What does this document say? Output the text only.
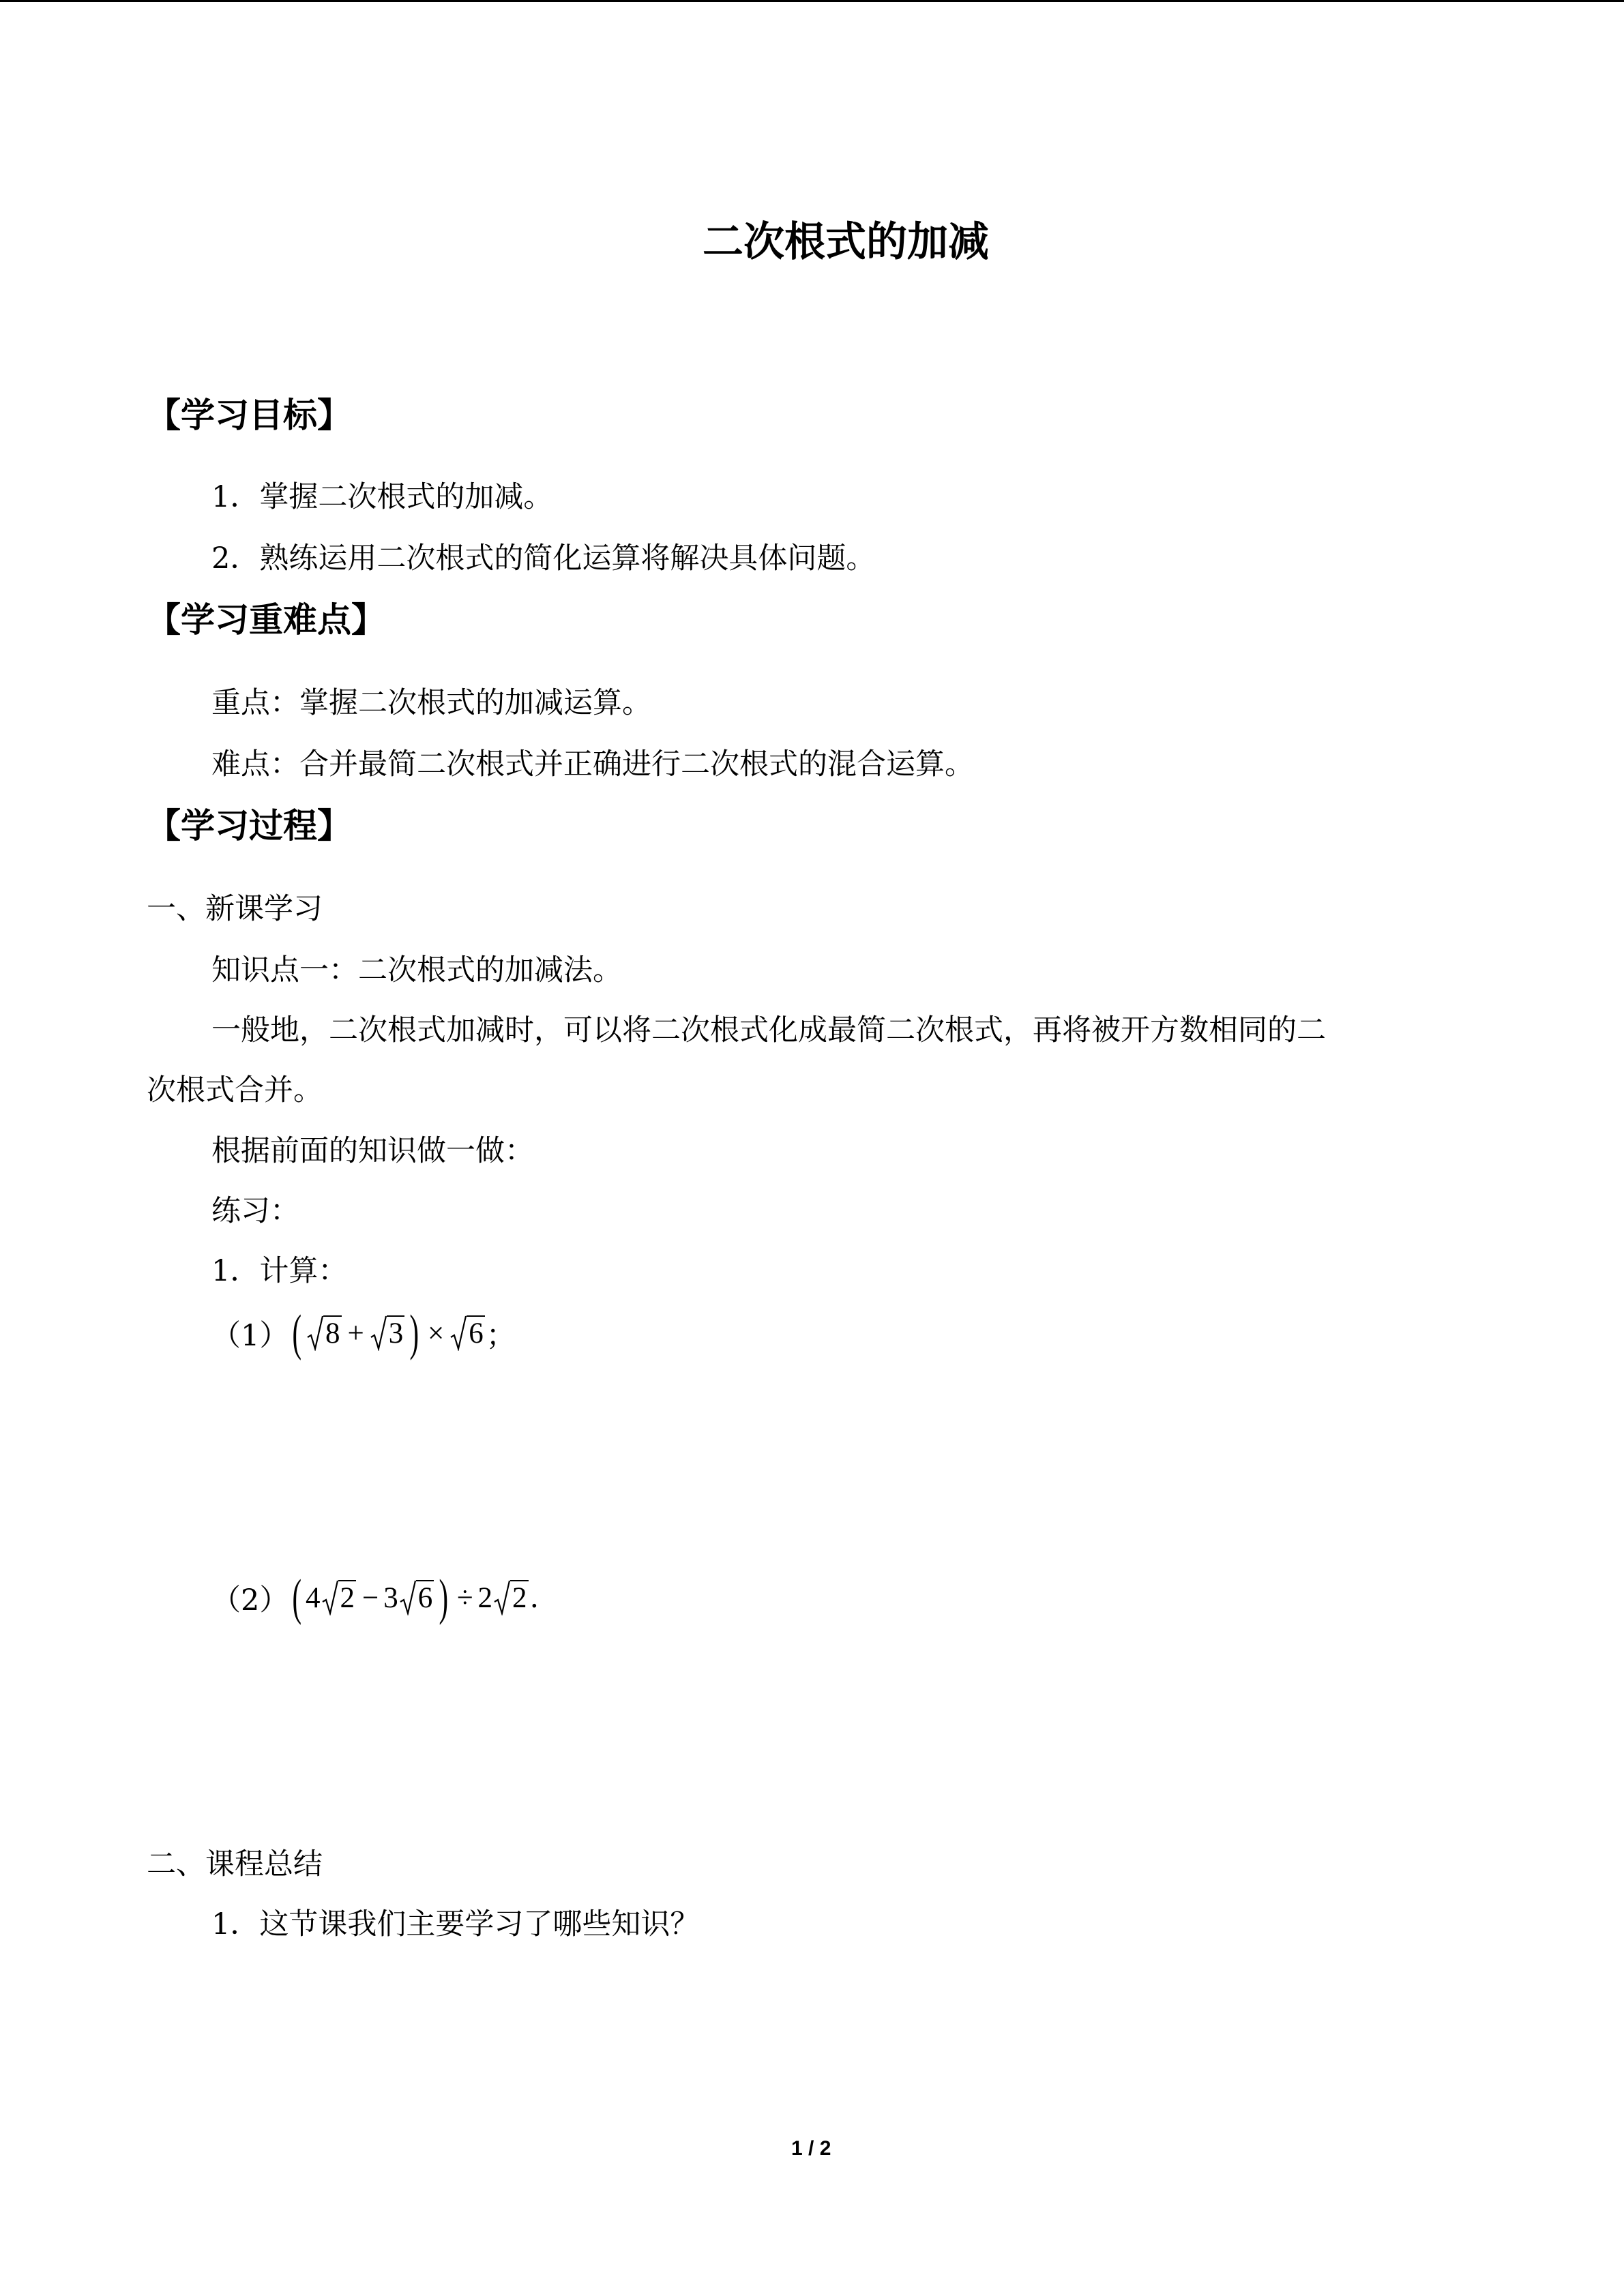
二次根式的加减
【学习目标】
1．掌握二次根式的加减。
2．熟练运用二次根式的简化运算将解决具体问题。
【学习重难点】
重点：掌握二次根式的加减运算。
难点：合并最简二次根式并正确进行二次根式的混合运算。
【学习过程】
一、新课学习
知识点一：二次根式的加减法。
一般地，二次根式加减时，可以将二次根式化成最简二次根式，再将被开方数相同的二
次根式合并。
根据前面的知识做一做：
练习：
1．计算：
（1） ( 8 + 3 ) × 6 ；
（2） ( 4 2 − 3 6 ) ÷ 2 2 .
二、课程总结
1．这节课我们主要学习了哪些知识？
1 / 2
